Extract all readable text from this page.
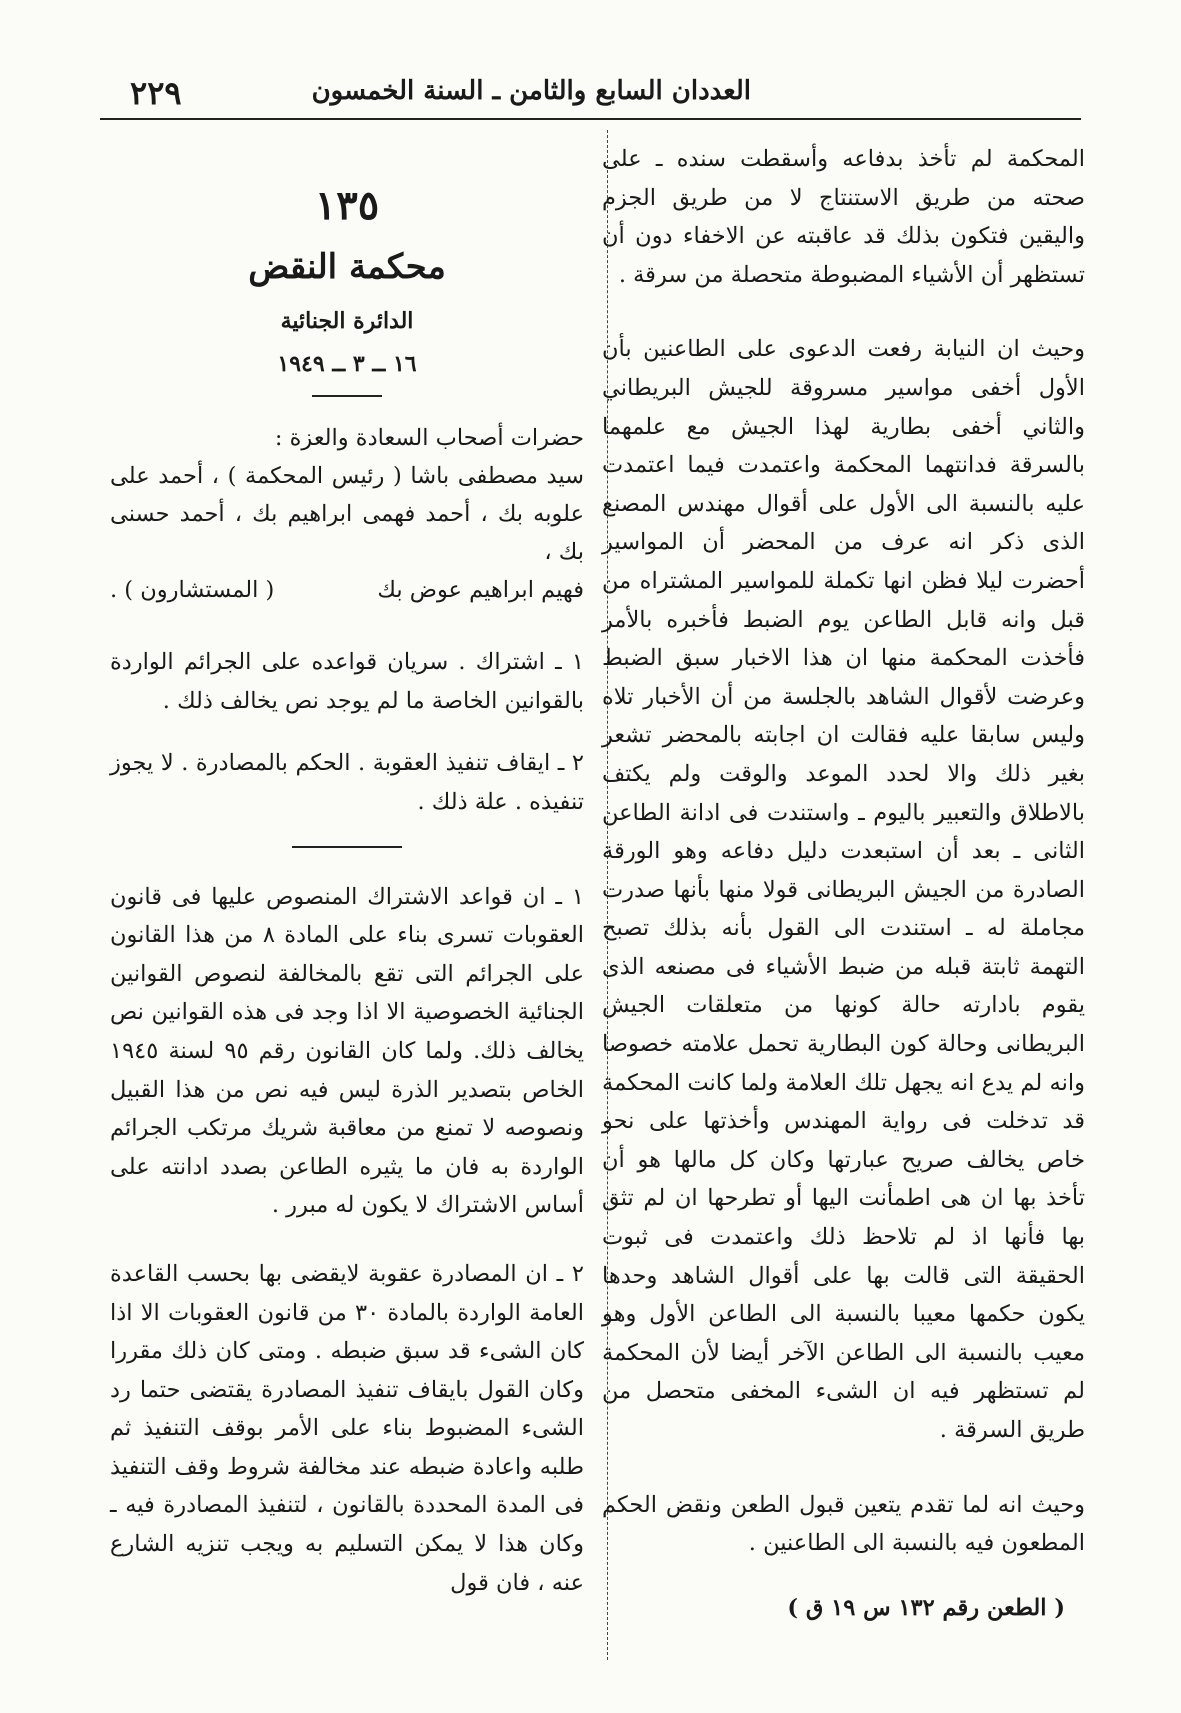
٢٢٩	العددان السابع والثامن ـ السنة الخمسون

المحكمة لم تأخذ بدفاعه وأسقطت سنده ـ على صحته من طريق الاستنتاج لا من طريق الجزم واليقين فتكون بذلك قد عاقبته عن الاخفاء دون أن تستظهر أن الأشياء المضبوطة متحصلة من سرقة .

وحيث ان النيابة رفعت الدعوى على الطاعنين بأن الأول أخفى مواسير مسروقة للجيش البريطاني والثاني أخفى بطارية لهذا الجيش مع علمهما بالسرقة فدانتهما المحكمة واعتمدت فيما اعتمدت عليه بالنسبة الى الأول على أقوال مهندس المصنع الذى ذكر انه عرف من المحضر أن المواسير أحضرت ليلا فظن انها تكملة للمواسير المشتراه من قبل وانه قابل الطاعن يوم الضبط فأخبره بالأمر فأخذت المحكمة منها ان هذا الاخبار سبق الضبط وعرضت لأقوال الشاهد بالجلسة من أن الأخبار تلاه وليس سابقا عليه فقالت ان اجابته بالمحضر تشعر بغير ذلك والا لحدد الموعد والوقت ولم يكتف بالاطلاق والتعبير باليوم ـ واستندت فى ادانة الطاعن الثانى ـ بعد أن استبعدت دليل دفاعه وهو الورقة الصادرة من الجيش البريطانى قولا منها بأنها صدرت مجاملة له ـ استندت الى القول بأنه بذلك تصبح التهمة ثابتة قبله من ضبط الأشياء فى مصنعه الذى يقوم بادارته حالة كونها من متعلقات الجيش البريطانى وحالة كون البطارية تحمل علامته خصوصا وانه لم يدع انه يجهل تلك العلامة ولما كانت المحكمة قد تدخلت فى رواية المهندس وأخذتها على نحو خاص يخالف صريح عبارتها وكان كل مالها هو أن تأخذ بها ان هى اطمأنت اليها أو تطرحها ان لم تثق بها فأنها اذ لم تلاحظ ذلك واعتمدت فى ثبوت الحقيقة التى قالت بها على أقوال الشاهد وحدها يكون حكمها معيبا بالنسبة الى الطاعن الأول وهو معيب بالنسبة الى الطاعن الآخر أيضا لأن المحكمة لم تستظهر فيه ان الشىء المخفى متحصل من طريق السرقة .

وحيث انه لما تقدم يتعين قبول الطعن ونقض الحكم المطعون فيه بالنسبة الى الطاعنين .

( الطعن رقم ١٣٢ س ١٩ ق )

١٣٥
محكمة النقض
الدائرة الجنائية
١٦ ــ ٣ ــ ١٩٤٩

حضرات أصحاب السعادة والعزة :

سيد مصطفى باشا ( رئيس المحكمة ) ، أحمد على علوبه بك ، أحمد فهمى ابراهيم بك ، أحمد حسنى بك ،

فهيم ابراهيم عوض بك
( المستشارون ) .

١ ـ اشتراك . سريان قواعده على الجرائم الواردة بالقوانين الخاصة ما لم يوجد نص يخالف ذلك .

٢ ـ ايقاف تنفيذ العقوبة . الحكم بالمصادرة . لا يجوز تنفيذه . علة ذلك .

١ ـ ان قواعد الاشتراك المنصوص عليها فى قانون العقوبات تسرى بناء على المادة ٨ من هذا القانون على الجرائم التى تقع بالمخالفة لنصوص القوانين الجنائية الخصوصية الا اذا وجد فى هذه القوانين نص يخالف ذلك. ولما كان القانون رقم ٩٥ لسنة ١٩٤٥ الخاص بتصدير الذرة ليس فيه نص من هذا القبيل ونصوصه لا تمنع من معاقبة شريك مرتكب الجرائم الواردة به فان ما يثيره الطاعن بصدد ادانته على أساس الاشتراك لا يكون له مبرر .

٢ ـ ان المصادرة عقوبة لايقضى بها بحسب القاعدة العامة الواردة بالمادة ٣٠ من قانون العقوبات الا اذا كان الشىء قد سبق ضبطه . ومتى كان ذلك مقررا وكان القول بايقاف تنفيذ المصادرة يقتضى حتما رد الشىء المضبوط بناء على الأمر بوقف التنفيذ ثم طلبه واعادة ضبطه عند مخالفة شروط وقف التنفيذ فى المدة المحددة بالقانون ، لتنفيذ المصادرة فيه ـ وكان هذا لا يمكن التسليم به ويجب تنزيه الشارع عنه ، فان قول
